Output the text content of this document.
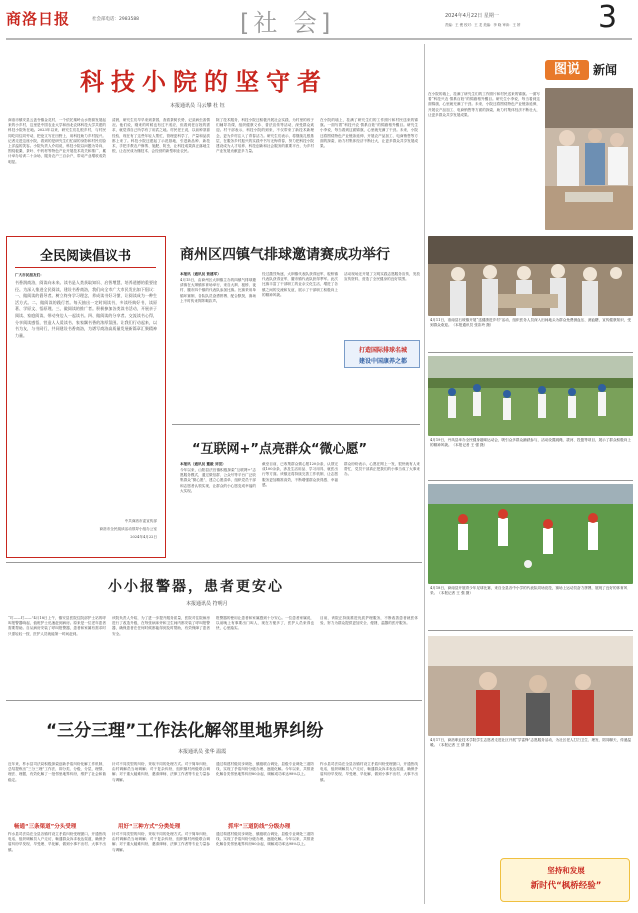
商洛日报	社会部电话：2983588	[社 会]	2024年4月22日 星期一
责编：王 俊 校对：王 龙 美编：李 晓 审读：王 婷	3
科技小院的坚守者
本报通讯员 马云攀 杜 钰
商洛市镇安县云盖寺镇金花村，一个依托秦岭山水资源发展起来的小乡村，这里是中国农业大学和西北农林科技大学共建的科技小院所在地。2023年以来，研究生们扎根乡村，与村民同吃同住同劳动，把论文写在田野上，用科技助力乡村振兴。记者走进这座小院，看到的是研究生们忙碌的身影和村民们脸上洋溢的笑容。小院负责人介绍说，科技小院以问题为导向，围绕板栗、茶叶、中药材等特色产业开展技术攻关和推广，累计举办培训二十余场，服务农户三百余户，带动产业增收成效明显。
清晨，研究生们早早来到茶园，查看茶树长势，记录病虫害情况。他们说，刚来的时候也有过不适应，但看到老百姓的需求，就觉得自己所学有了用武之地。村民老王说，以前种茶靠经验，现在有了这些年轻人帮忙，管理更科学了，产量和品质都上来了。科技小院还建起了示范基地，引进新品种、新技术，手把手教农户修剪、施肥、防虫，让科技成果真正落地生根，让农民成为懂技术、会经营的新型职业农民。
除了技术服务，科技小院还积极开展社会实践，为村里的孩子们辅导功课，组织健康义诊、普法宣传等活动，深受群众欢迎。村干部表示，科技小院的到来，不仅带来了新技术新理念，更为乡村注入了青春活力。研究生们表示，将继续扎根基层，在服务乡村振兴的实践中书写无悔青春，努力把科技小院建设成为人才培养、科技创新和社会服务的重要平台，为乡村产业发展贡献更多力量。
在小院的墙上，挂满了研究生们的工作照片和村民送来的锦旗。一面写着“科技兴农 情系百姓”的锦旗格外醒目。研究生小李说，每当看到这面锦旗，心里就充满了干劲。未来，小院还将围绕特色产业链条延伸，开展农产品加工、电商销售等方面的探索，助力村集体经济不断壮大，让更多群众共享发展成果。
图说	新闻
在小院的墙上，挂满了研究生们的工作照片和村民送来的锦旗。一面写着“科技兴农 情系百姓”的锦旗格外醒目。研究生小李说，每当看到这面锦旗，心里就充满了干劲。未来，小院还将围绕特色产业链条延伸，开展农产品加工、电商销售等方面的探索，助力村集体经济不断壮大，让更多群众共享发展成果。
4月11日，洛南县石坡镇开展“送健康进乡村”活动，组织医务人员深入田间地头为群众免费测血压、测血糖，宣传健康知识，受到群众欢迎。（本报通讯员 张彩玲 摄）
4月19日，丹凤县举办全民健身趣味运动会，吸引众多群众踊跃参与，活动设置跳绳、拔河、投篮等项目，展示了群众积极向上的精神风貌。（本报记者 王 强 摄）
4月18日，商南县开展青少年足球比赛，来自全县各中小学的代表队同场竞技，赛场上运动员奋力拼搏，展现了良好的体育风采。（本报记者 王 强 摄）
4月17日，商洛职业技术学院学生志愿者走进社区开展“学雷锋”志愿服务活动，为社区老人打扫卫生、理发、陪同聊天，传递温暖。（本报记者 王 倩 摄）
坚持和发展
新时代“枫桥经验”
全民阅读倡议书
广大市民朋友们：
书香润商洛，阅读向未来。读书是人类获取知识、启智增慧、培养道德的重要途径。为深入推进全民阅读，建设书香商洛，我们向全市广大市民发出如下倡议：一、做阅读的倡导者。树立终身学习理念，养成读书好习惯，让阅读成为一种生活方式。二、做阅读的践行者。每天抽出一定时间读书，多读经典好书，读原著、学原文、悟原理。三、做阅读的推广者。积极参加各类读书活动，开展亲子阅读、家庭阅读，带动身边人一起读书。四、做阅读的分享者。交流读书心得，分享阅读感悟，营造人人爱读书、家家飘书香的浓厚氛围。让我们行动起来，以书为友，与书同行，共同建设书香商洛，为谱写商洛高质量发展新篇章汇聚精神力量。
中共商洛市委宣传部
商洛市全民阅读活动领导小组办公室
2024年4月22日
商州区四镇气排球邀请赛成功举行
本报讯（通讯员 贾建军）
4月15日，由商州区大荆镇主办的四镇气排球邀请赛在大荆镇体育场举行，来自大荆、板桥、夜村、腰市四个镇的代表队参加比赛。比赛采用单循环赛制，各队队员奋勇拼搏、配合默契，赛场上不时传来阵阵喝彩声。
经过激烈角逐，大荆镇代表队获得冠军，板桥镇代表队获得亚军，腰市镇代表队获得季军。此次比赛丰富了干部职工的业余文化生活，增进了各镇之间的交流和友谊，展示了干部职工积极向上的精神风貌。
活动现场还开展了文明实践志愿服务宣传，发放宣传资料，营造了全民健身的良好氛围。
打造国际排球名城
建设中国康养之都
“互联网+”点亮群众“微心愿”
本报讯（通讯员 董毅 刘世）
今年以来，山阳县法官镇积极探索“互联网+”志愿服务模式，通过微信群、公众号等平台广泛收集群众“微心愿”，建立心愿清单，组织党员干部和志愿者认领实现，让群众的小心愿变成幸福的大实现。
截至目前，已收集群众微心愿120余条，认领完成100余条，涉及生活用品、学习用具、就医出行等方面。该镇还将持续完善工作机制，让志愿服务更加精准高效，不断增强群众获得感、幸福感。
群众纷纷表示，心愿在网上一发，很快就有人来帮忙，党员干部真正把我们的小事当成了大事来办。
小小报警器，患者更安心
本报通讯员 符明月
“叮——叮——”4月18日上午，镇安县医院住院部护士站的呼叫报警器响起，值班护士迅速赶到病房。原来是一位老年患者需要帮助。自从病房安装了呼叫报警器，患者和家属有需求时只需轻轻一按，医护人员就能第一时间赶到。
该院负责人介绍，为了进一步提升服务质量，医院对住院病房进行了改造升级，在每张病床旁和卫生间内都安装了呼叫报警器，确保患者在任何时候都能得到及时帮助，有效保障了患者安全。
报警器的使用让患者和家属感到十分安心。一位患者家属说，以前晚上有事要出门叫人，现在方便多了，医护人员来得也快，心里踏实。
目前，该院正持续推进优质护理服务，不断改善患者就医体验，努力为群众提供更加安全、便捷、温馨的医疗服务。
“三分三理”工作法化解邻里地界纠纷
本报通讯员 张华 温霞
近年来，柞水县司法局积极探索创新矛盾纠纷化解工作机制，总结提炼出“三分三理”工作法，即分类、分级、分层，理情、理法、理据，有效化解了一批邻里地界纠纷，维护了社会和谐稳定。
畅通“三条渠道”分头受理
柞水县司法局在全县各镇村设立矛盾纠纷受理窗口，开通热线电话，组织调解员入户走访，畅通群众诉求表达渠道，确保矛盾纠纷早发现、早受理、早化解，做到小事不出村、大事不出镇。
针对不同类型的纠纷，采取不同的处理方式。对于简单纠纷，由村调解员当场调解；对于复杂纠纷，组织镇村两级联合调解；对于重大疑难纠纷，邀请律师、法律工作者等专业力量参与调解。
用好“三种方式”分类处理
针对不同类型的纠纷，采取不同的处理方式。对于简单纠纷，由村调解员当场调解；对于复杂纠纷，组织镇村两级联合调解；对于重大疑难纠纷，邀请律师、法律工作者等专业力量参与调解。
通过构建村级初步调处、镇级联合调处、县级专业调处三道防线，实现了矛盾纠纷分级办理、逐级化解。今年以来，共排查化解各类邻里地界纠纷80余起，调解成功率达98%以上。
抓牢“三道防线”分级办理
通过构建村级初步调处、镇级联合调处、县级专业调处三道防线，实现了矛盾纠纷分级办理、逐级化解。今年以来，共排查化解各类邻里地界纠纷80余起，调解成功率达98%以上。
柞水县司法局在全县各镇村设立矛盾纠纷受理窗口，开通热线电话，组织调解员入户走访，畅通群众诉求表达渠道，确保矛盾纠纷早发现、早受理、早化解，做到小事不出村、大事不出镇。
